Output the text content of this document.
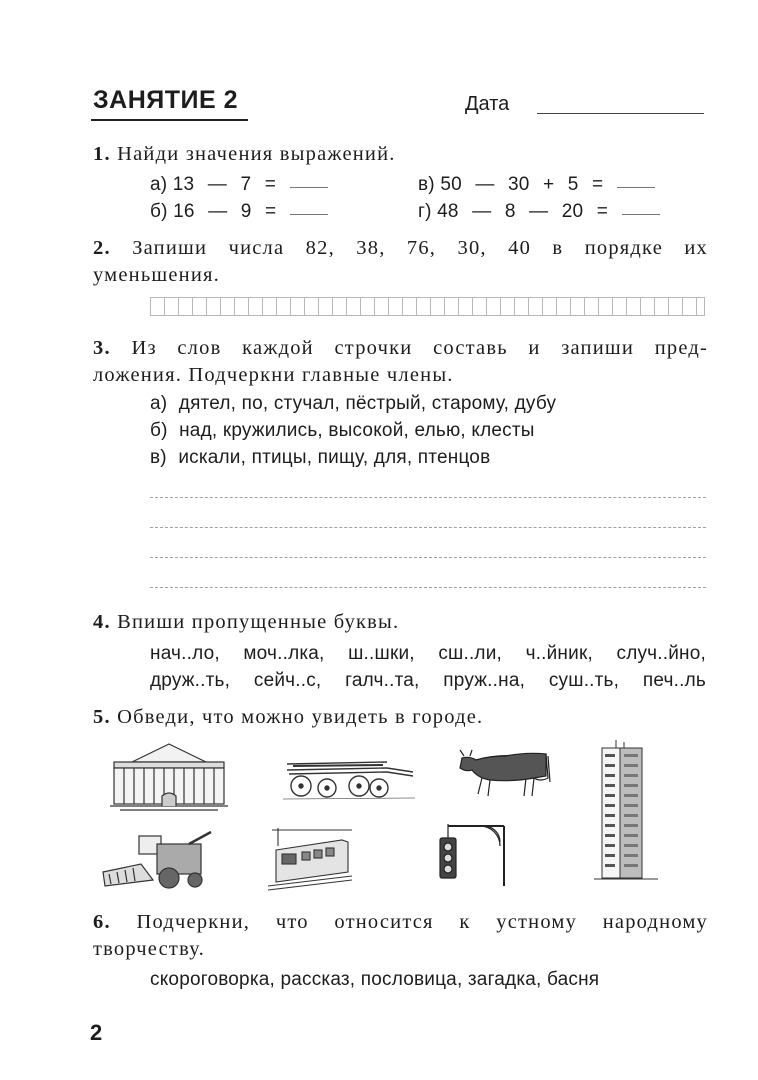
ЗАНЯТИЕ 2	Дата
1. Найди значения выражений.
а) 13 — 7 =
б) 16 — 9 =
в) 50 — 30 + 5 =
г) 48 — 8 — 20 =
2. Запиши числа 82, 38, 76, 30, 40 в порядке их
уменьшения.
3. Из слов каждой строчки составь и запиши пред-
ложения. Подчеркни главные члены.
а) дятел, по, стучал, пёстрый, старому, дубу
б) над, кружились, высокой, елью, клесты
в) искали, птицы, пищу, для, птенцов
4. Впиши пропущенные буквы.
нач..ло, моч..лка, ш..шки, сш..ли, ч..йник, случ..йно,
друж..ть, сейч..с, галч..та, пруж..на, суш..ть, печ..ль
5. Обведи, что можно увидеть в городе.
6. Подчеркни, что относится к устному народному
творчеству.
скороговорка, рассказ, пословица, загадка, басня
2
